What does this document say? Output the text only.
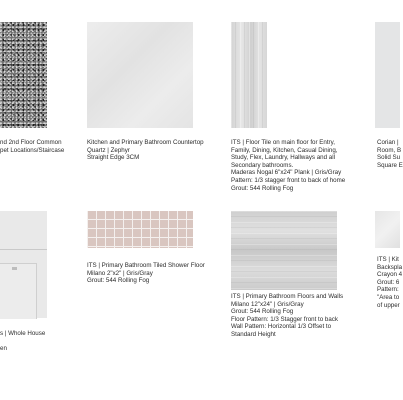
nd 2nd Floor Common
pet Locations/Staircase
Kitchen and Primary Bathroom Countertop
Quartz | Zephyr
Straight Edge 3CM
ITS | Floor Tile on main floor for Entry,
Family, Dining, Kitchen, Casual Dining,
Study, Flex, Laundry, Hallways and all
Secondary bathrooms.
Maderas Nogal 6"x24" Plank | Gris/Gray
Pattern: 1/3 stagger front to back of home
Grout: 544 Rolling Fog
Corian |
Room, B
Solid Su
Square E
s | Whole House
en
ITS | Primary Bathroom Tiled Shower Floor
Milano 2"x2" | Gris/Gray
Grout: 544 Rolling Fog
ITS | Primary Bathroom Floors and Walls
Milano 12"x24" | Gris/Gray
Grout: 544 Rolling Fog
Floor Pattern: 1/3 Stagger front to back
Wall Pattern: Horizontal 1/3 Offset to
Standard Height
ITS | Kit
Backspla
Crayon 4
Grout: 6
Pattern:
"Area to
of upper
